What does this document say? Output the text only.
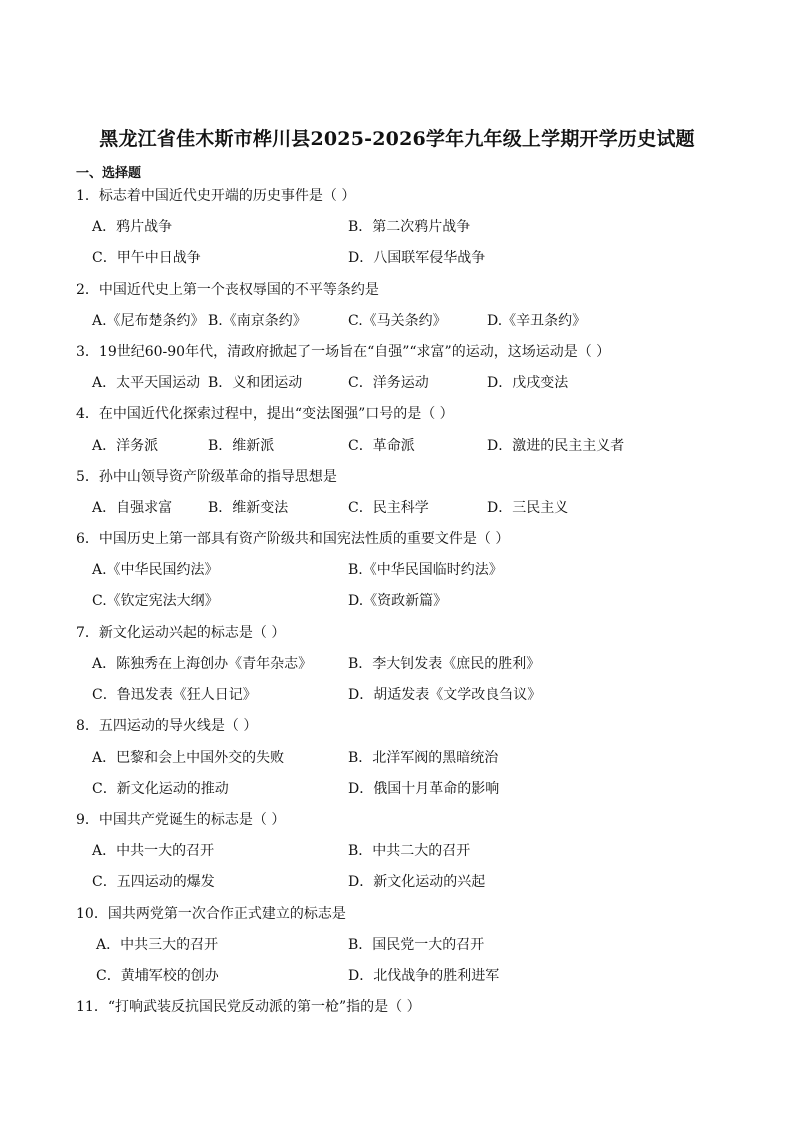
黑龙江省佳木斯市桦川县2025-2026学年九年级上学期开学历史试题
一、选择题
1．标志着中国近代史开端的历史事件是（ ）
A．鸦片战争	B．第二次鸦片战争
C．甲午中日战争	D．八国联军侵华战争
2．中国近代史上第一个丧权辱国的不平等条约是
A.《尼布楚条约》 B.《南京条约》	C.《马关条约》	D.《辛丑条约》
3．19世纪60-90年代，清政府掀起了一场旨在“自强”“求富”的运动，这场运动是（ ）
A．太平天国运动 B．义和团运动	C．洋务运动	D．戊戌变法
4．在中国近代化探索过程中，提出“变法图强”口号的是（ ）
A．洋务派	B．维新派	C．革命派	D．激进的民主主义者
5．孙中山领导资产阶级革命的指导思想是
A．自强求富	B．维新变法	C．民主科学	D．三民主义
6．中国历史上第一部具有资产阶级共和国宪法性质的重要文件是（ ）
A.《中华民国约法》	B.《中华民国临时约法》
C.《钦定宪法大纲》	D.《资政新篇》
7．新文化运动兴起的标志是（ ）
A．陈独秀在上海创办《青年杂志》	B．李大钊发表《庶民的胜利》
C．鲁迅发表《狂人日记》	D．胡适发表《文学改良刍议》
8．五四运动的导火线是（ ）
A．巴黎和会上中国外交的失败	B．北洋军阀的黑暗统治
C．新文化运动的推动	D．俄国十月革命的影响
9．中国共产党诞生的标志是（ ）
A．中共一大的召开	B．中共二大的召开
C．五四运动的爆发	D．新文化运动的兴起
10．国共两党第一次合作正式建立的标志是
A．中共三大的召开	B．国民党一大的召开
C．黄埔军校的创办	D．北伐战争的胜利进军
11．“打响武装反抗国民党反动派的第一枪”指的是（ ）
